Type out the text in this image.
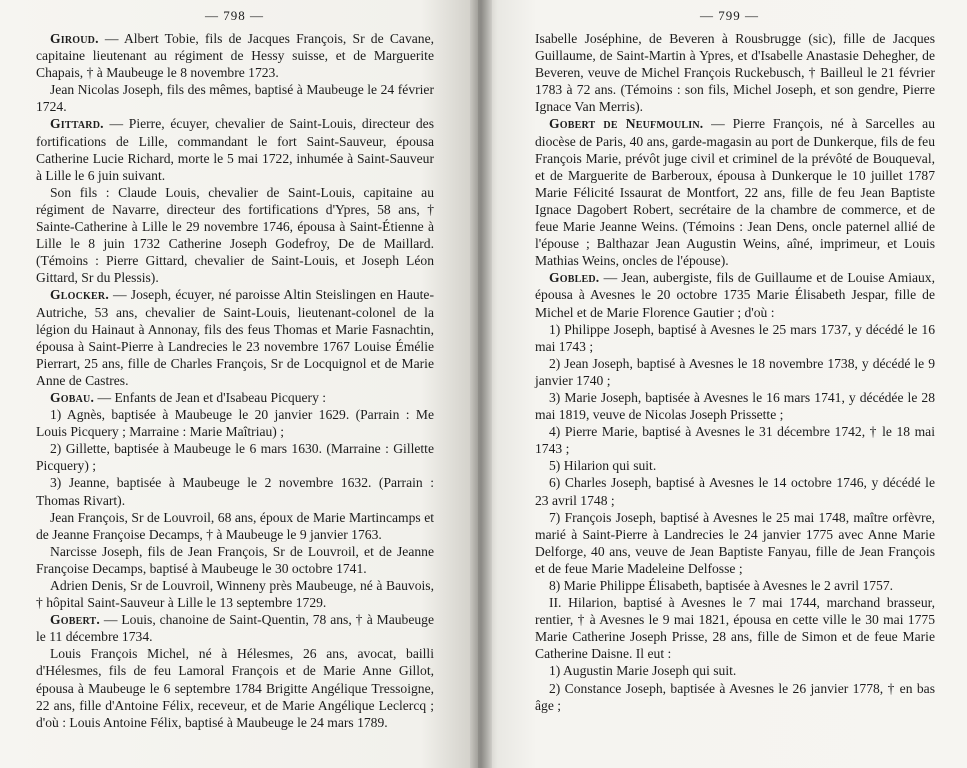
— 798 —

Giroud. — Albert Tobie, fils de Jacques François, Sr de Cavane, capitaine lieutenant au régiment de Hessy suisse, et de Marguerite Chapais, † à Maubeuge le 8 novembre 1723.

Jean Nicolas Joseph, fils des mêmes, baptisé à Maubeuge le 24 février 1724.

Gittard. — Pierre, écuyer, chevalier de Saint-Louis, directeur des fortifications de Lille, commandant le fort Saint-Sauveur, épousa Catherine Lucie Richard, morte le 5 mai 1722, inhumée à Saint-Sauveur à Lille le 6 juin suivant.

Son fils : Claude Louis, chevalier de Saint-Louis, capitaine au régiment de Navarre, directeur des fortifications d'Ypres, 58 ans, † Sainte-Catherine à Lille le 29 novembre 1746, épousa à Saint-Étienne à Lille le 8 juin 1732 Catherine Joseph Godefroy, De de Maillard. (Témoins : Pierre Gittard, chevalier de Saint-Louis, et Joseph Léon Gittard, Sr du Plessis).

Glocker. — Joseph, écuyer, né paroisse Altin Steislingen en Haute-Autriche, 53 ans, chevalier de Saint-Louis, lieutenant-colonel de la légion du Hainaut à Annonay, fils des feus Thomas et Marie Fasnachtin, épousa à Saint-Pierre à Landrecies le 23 novembre 1767 Louise Émélie Pierrart, 25 ans, fille de Charles François, Sr de Locquignol et de Marie Anne de Castres.

Gobau. — Enfants de Jean et d'Isabeau Picquery :

1) Agnès, baptisée à Maubeuge le 20 janvier 1629. (Parrain : Me Louis Picquery ; Marraine : Marie Maîtriau) ;

2) Gillette, baptisée à Maubeuge le 6 mars 1630. (Marraine : Gillette Picquery) ;

3) Jeanne, baptisée à Maubeuge le 2 novembre 1632. (Parrain : Thomas Rivart).

Jean François, Sr de Louvroil, 68 ans, époux de Marie Martincamps et de Jeanne Françoise Decamps, † à Maubeuge le 9 janvier 1763.

Narcisse Joseph, fils de Jean François, Sr de Louvroil, et de Jeanne Françoise Decamps, baptisé à Maubeuge le 30 octobre 1741.

Adrien Denis, Sr de Louvroil, Winneny près Maubeuge, né à Bauvois, † hôpital Saint-Sauveur à Lille le 13 septembre 1729.

Gobert. — Louis, chanoine de Saint-Quentin, 78 ans, † à Maubeuge le 11 décembre 1734.

Louis François Michel, né à Hélesmes, 26 ans, avocat, bailli d'Hélesmes, fils de feu Lamoral François et de Marie Anne Gillot, épousa à Maubeuge le 6 septembre 1784 Brigitte Angélique Tressoigne, 22 ans, fille d'Antoine Félix, receveur, et de Marie Angélique Leclercq ; d'où : Louis Antoine Félix, baptisé à Maubeuge le 24 mars 1789.

— 799 —

Isabelle Joséphine, de Beveren à Rousbrugge (sic), fille de Jacques Guillaume, de Saint-Martin à Ypres, et d'Isabelle Anastasie Dehegher, de Beveren, veuve de Michel François Ruckebusch, † Bailleul le 21 février 1783 à 72 ans. (Témoins : son fils, Michel Joseph, et son gendre, Pierre Ignace Van Merris).

Gobert de Neufmoulin. — Pierre François, né à Sarcelles au diocèse de Paris, 40 ans, garde-magasin au port de Dunkerque, fils de feu François Marie, prévôt juge civil et criminel de la prévôté de Bouqueval, et de Marguerite de Barberoux, épousa à Dunkerque le 10 juillet 1787 Marie Félicité Issaurat de Montfort, 22 ans, fille de feu Jean Baptiste Ignace Dagobert Robert, secrétaire de la chambre de commerce, et de feue Marie Jeanne Weins. (Témoins : Jean Dens, oncle paternel allié de l'épouse ; Balthazar Jean Augustin Weins, aîné, imprimeur, et Louis Mathias Weins, oncles de l'épouse).

Gobled. — Jean, aubergiste, fils de Guillaume et de Louise Amiaux, épousa à Avesnes le 20 octobre 1735 Marie Élisabeth Jespar, fille de Michel et de Marie Florence Gautier ; d'où :

1) Philippe Joseph, baptisé à Avesnes le 25 mars 1737, y décédé le 16 mai 1743 ;

2) Jean Joseph, baptisé à Avesnes le 18 novembre 1738, y décédé le 9 janvier 1740 ;

3) Marie Joseph, baptisée à Avesnes le 16 mars 1741, y décédée le 28 mai 1819, veuve de Nicolas Joseph Prissette ;

4) Pierre Marie, baptisé à Avesnes le 31 décembre 1742, † le 18 mai 1743 ;

5) Hilarion qui suit.

6) Charles Joseph, baptisé à Avesnes le 14 octobre 1746, y décédé le 23 avril 1748 ;

7) François Joseph, baptisé à Avesnes le 25 mai 1748, maître orfèvre, marié à Saint-Pierre à Landrecies le 24 janvier 1775 avec Anne Marie Delforge, 40 ans, veuve de Jean Baptiste Fanyau, fille de Jean François et de feue Marie Madeleine Delfosse ;

8) Marie Philippe Élisabeth, baptisée à Avesnes le 2 avril 1757.

II. Hilarion, baptisé à Avesnes le 7 mai 1744, marchand brasseur, rentier, † à Avesnes le 9 mai 1821, épousa en cette ville le 30 mai 1775 Marie Catherine Joseph Prisse, 28 ans, fille de Simon et de feue Marie Catherine Daisne. Il eut :

1) Augustin Marie Joseph qui suit.

2) Constance Joseph, baptisée à Avesnes le 26 janvier 1778, † en bas âge ;
